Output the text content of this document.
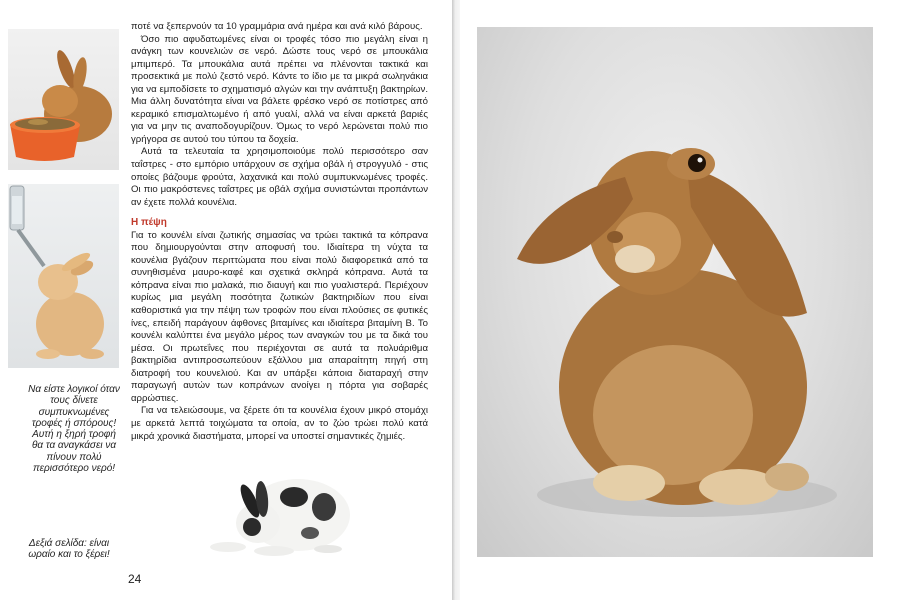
Να είστε λογικοί όταν
τους δίνετε
συμπυκνωμένες
τροφές ή σπόρους!
Αυτή η ξηρή τροφή
θα τα αναγκάσει να
πίνουν πολύ
περισσότερο νερό!

ποτέ να ξεπερνούν τα 10 γραμμάρια ανά ημέρα και ανά κιλό βάρους.

Όσο πιο αφυδατωμένες είναι οι τροφές τόσο πιο μεγάλη είναι η ανάγκη των κουνελιών σε νερό. Δώστε τους νερό σε μπουκάλια μπιμπερό. Τα μπουκάλια αυτά πρέπει να πλένονται τακτικά και προσεκτικά με πολύ ζεστό νερό. Κάντε το ίδιο με τα μικρά σωληνάκια για να εμποδίσετε το σχηματισμό αλγών και την ανάπτυξη βακτηρίων. Μια άλλη δυνατότητα είναι να βάλετε φρέσκο νερό σε ποτίστρες από κεραμικό επισμαλτωμένο ή από γυαλί, αλλά να είναι αρκετά βαριές για να μην τις αναποδογυρίζουν. Όμως το νερό λερώνεται πολύ πιο γρήγορα σε αυτού του τύπου τα δοχεία.

Αυτά τα τελευταία τα χρησιμοποιούμε πολύ περισσότερο σαν ταΐστρες - στο εμπόριο υπάρχουν σε σχήμα οβάλ ή στρογγυλό - στις οποίες βάζουμε φρούτα, λαχανικά και πολύ συμπυκνωμένες τροφές. Οι πιο μακρόστενες ταΐστρες με οβάλ σχήμα συνιστώνται προπάντων αν έχετε πολλά κουνέλια.

Η πέψη

Για το κουνέλι είναι ζωτικής σημασίας να τρώει τακτικά τα κόπρανα που δημιουργούνται στην αποφυσή του. Ιδιαίτερα τη νύχτα τα κουνέλια βγάζουν περιττώματα που είναι πολύ διαφορετικά από τα συνηθισμένα μαυρο-καφέ και σχετικά σκληρά κόπρανα. Αυτά τα κόπρανα είναι πιο μαλακά, πιο διαυγή και πιο γυαλιστερά. Περιέχουν κυρίως μια μεγάλη ποσότητα ζωτικών βακτηριδίων που είναι καθοριστικά για την πέψη των τροφών που είναι πλούσιες σε φυτικές ίνες, επειδή παράγουν άφθονες βιταμίνες και ιδιαίτερα βιταμίνη Β. Το κουνέλι καλύπτει ένα μεγάλο μέρος των αναγκών του με τα δικά του μέσα. Οι πρωτεΐνες που περιέχονται σε αυτά τα πολυάριθμα βακτηρίδια αντιπροσωπεύουν εξάλλου μια απαραίτητη πηγή στη διατροφή του κουνελιού. Και αν υπάρξει κάποια διαταραχή στην παραγωγή αυτών των κοπράνων ανοίγει η πόρτα για σοβαρές αρρώστιες.

Για να τελειώσουμε, να ξέρετε ότι τα κουνέλια έχουν μικρό στομάχι με αρκετά λεπτά τοιχώματα τα οποία, αν το ζώο τρώει πολύ κατά μικρά χρονικά διαστήματα, μπορεί να υποστεί σημαντικές ζημιές.

Δεξιά σελίδα: είναι
ωραίο και το ξέρει!
24
